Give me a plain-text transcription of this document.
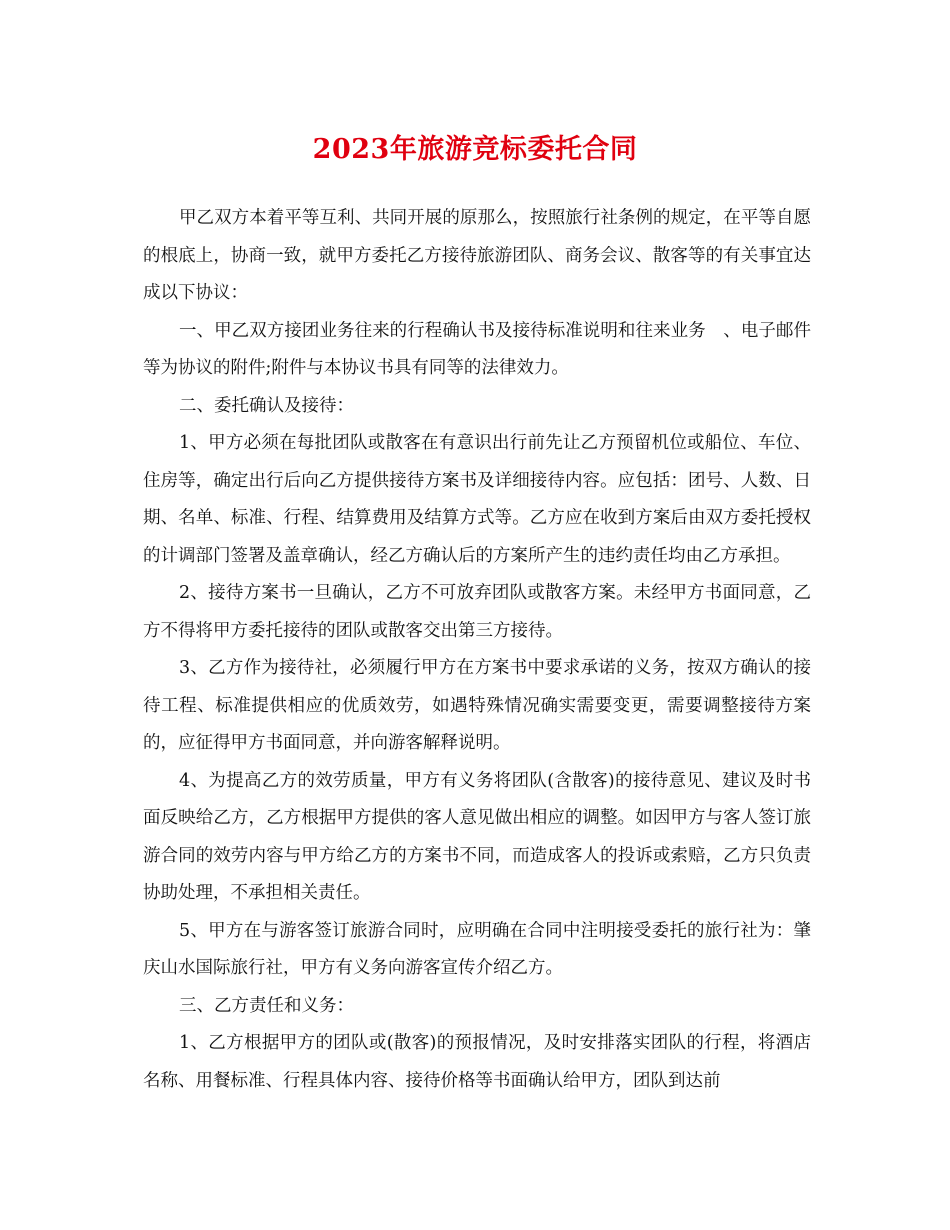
2023年旅游竞标委托合同

甲乙双方本着平等互利、共同开展的原那么，按照旅行社条例的规定，在平等自愿的根底上，协商一致，就甲方委托乙方接待旅游团队、商务会议、散客等的有关事宜达成以下协议：

一、甲乙双方接团业务往来的行程确认书及接待标准说明和往来业务　、电子邮件等为协议的附件;附件与本协议书具有同等的法律效力。

二、委托确认及接待：

1、甲方必须在每批团队或散客在有意识出行前先让乙方预留机位或船位、车位、住房等，确定出行后向乙方提供接待方案书及详细接待内容。应包括：团号、人数、日期、名单、标准、行程、结算费用及结算方式等。乙方应在收到方案后由双方委托授权的计调部门签署及盖章确认，经乙方确认后的方案所产生的违约责任均由乙方承担。

2、接待方案书一旦确认，乙方不可放弃团队或散客方案。未经甲方书面同意，乙方不得将甲方委托接待的团队或散客交出第三方接待。

3、乙方作为接待社，必须履行甲方在方案书中要求承诺的义务，按双方确认的接待工程、标准提供相应的优质效劳，如遇特殊情况确实需要变更，需要调整接待方案的，应征得甲方书面同意，并向游客解释说明。

4、为提高乙方的效劳质量，甲方有义务将团队(含散客)的接待意见、建议及时书面反映给乙方，乙方根据甲方提供的客人意见做出相应的调整。如因甲方与客人签订旅游合同的效劳内容与甲方给乙方的方案书不同，而造成客人的投诉或索赔，乙方只负责协助处理，不承担相关责任。

5、甲方在与游客签订旅游合同时，应明确在合同中注明接受委托的旅行社为：肇庆山水国际旅行社，甲方有义务向游客宣传介绍乙方。

三、乙方责任和义务：

1、乙方根据甲方的团队或(散客)的预报情况，及时安排落实团队的行程，将酒店名称、用餐标准、行程具体内容、接待价格等书面确认给甲方，团队到达前
